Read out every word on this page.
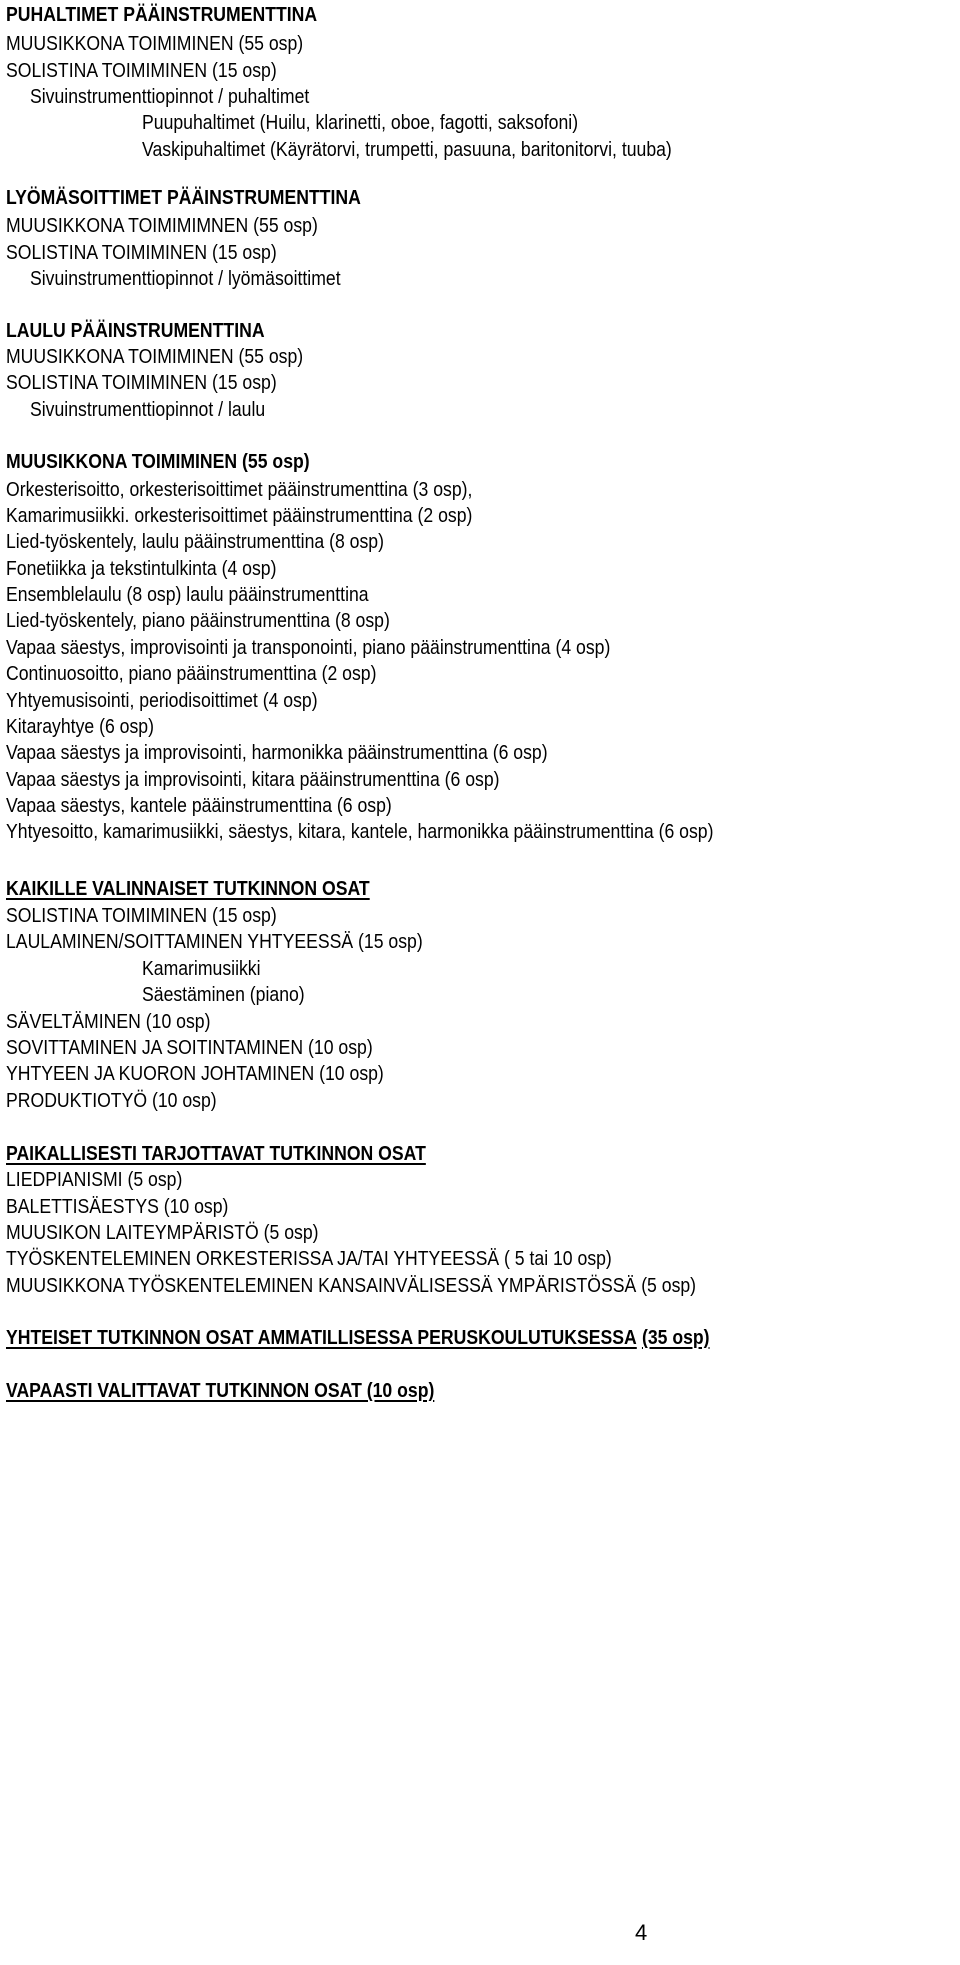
PUHALTIMET PÄÄINSTRUMENTTINA
MUUSIKKONA TOIMIMINEN (55 osp)
SOLISTINA TOIMIMINEN (15 osp)
Sivuinstrumenttiopinnot / puhaltimet
Puupuhaltimet (Huilu, klarinetti, oboe, fagotti, saksofoni)
Vaskipuhaltimet (Käyrätorvi, trumpetti, pasuuna, baritonitorvi, tuuba)
LYÖMÄSOITTIMET PÄÄINSTRUMENTTINA
MUUSIKKONA TOIMIMIMNEN (55 osp)
SOLISTINA TOIMIMINEN (15 osp)
Sivuinstrumenttiopinnot / lyömäsoittimet
LAULU PÄÄINSTRUMENTTINA
MUUSIKKONA TOIMIMINEN (55 osp)
SOLISTINA TOIMIMINEN (15 osp)
Sivuinstrumenttiopinnot / laulu
MUUSIKKONA TOIMIMINEN (55 osp)
Orkesterisoitto, orkesterisoittimet pääinstrumenttina (3 osp),
Kamarimusiikki. orkesterisoittimet pääinstrumenttina (2 osp)
Lied-työskentely, laulu pääinstrumenttina (8 osp)
Fonetiikka ja tekstintulkinta (4 osp)
Ensemblelaulu (8 osp) laulu pääinstrumenttina
Lied-työskentely, piano pääinstrumenttina (8 osp)
Vapaa säestys, improvisointi ja transponointi, piano pääinstrumenttina (4 osp)
Continuosoitto, piano pääinstrumenttina (2 osp)
Yhtyemusisointi, periodisoittimet (4 osp)
Kitarayhtye (6 osp)
Vapaa säestys ja improvisointi, harmonikka pääinstrumenttina (6 osp)
Vapaa säestys ja improvisointi, kitara pääinstrumenttina (6 osp)
Vapaa säestys, kantele pääinstrumenttina (6 osp)
Yhtyesoitto, kamarimusiikki, säestys, kitara, kantele, harmonikka pääinstrumenttina (6 osp)
KAIKILLE VALINNAISET TUTKINNON OSAT
SOLISTINA TOIMIMINEN (15 osp)
LAULAMINEN/SOITTAMINEN YHTYEESSÄ (15 osp)
Kamarimusiikki
Säestäminen (piano)
SÄVELTÄMINEN (10 osp)
SOVITTAMINEN JA SOITINTAMINEN (10 osp)
YHTYEEN JA KUORON JOHTAMINEN (10 osp)
PRODUKTIOTYÖ (10 osp)
PAIKALLISESTI TARJOTTAVAT TUTKINNON OSAT
LIEDPIANISMI (5 osp)
BALETTISÄESTYS (10 osp)
MUUSIKON LAITEYMPÄRISTÖ (5 osp)
TYÖSKENTELEMINEN ORKESTERISSA JA/TAI YHTYEESSÄ ( 5 tai 10 osp)
MUUSIKKONA TYÖSKENTELEMINEN KANSAINVÄLISESSÄ YMPÄRISTÖSSÄ (5 osp)
YHTEISET TUTKINNON OSAT AMMATILLISESSA PERUSKOULUTUKSESSA (35 osp)
VAPAASTI VALITTAVAT TUTKINNON OSAT (10 osp)
4
